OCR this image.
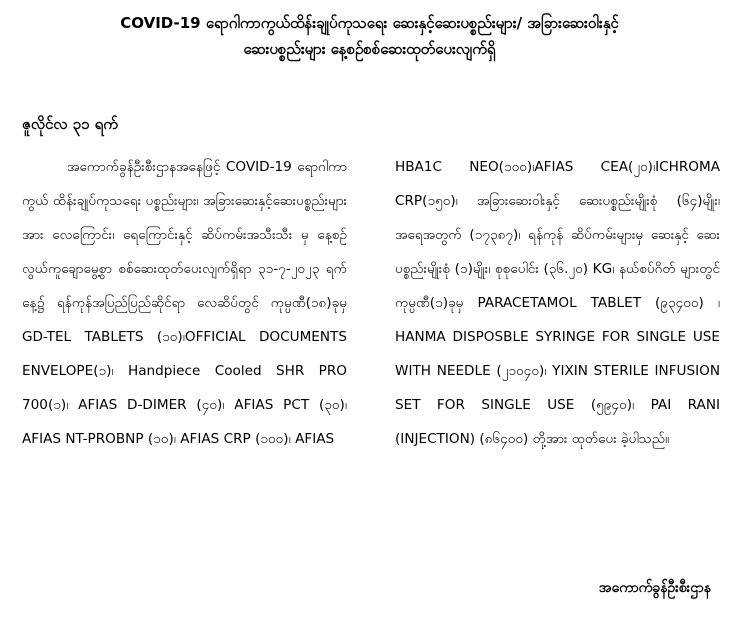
COVID-19 ရောဂါကာကွယ်ထိန်းချုပ်ကုသရေး ဆေးနှင့်ဆေးပစ္စည်းများ/ အခြားဆေးဝါးနှင့်
ဆေးပစ္စည်းများ နေ့စဉ်စစ်ဆေးထုတ်ပေးလျက်ရှိ
ဇူလိုင်လ ၃၁ ရက်
အကောက်ခွန်ဦးစီးဌာနအနေဖြင့် COVID-19 ရောဂါကာကွယ် ထိန်းချုပ်ကုသရေး ပစ္စည်းများ၊ အခြားဆေးနှင့်ဆေးပစ္စည်းများအား လေကြောင်း၊ ရေကြောင်းနှင့် ဆိပ်ကမ်းအသီးသီး မှ နေ့စဉ် လွယ်ကူချောမွေ့စွာ စစ်ဆေးထုတ်ပေးလျက်ရှိရာ ၃၁-၇-၂၀၂၃ ရက်နေ့၌ ရန်ကုန်အပြည်ပြည်ဆိုင်ရာ လေဆိပ်တွင် ကုမ္ပဏီ(၁၈)ခုမှ GD-TEL TABLETS (၁၀)၊OFFICIAL DOCUMENTS ENVELOPE(၁)၊ Handpiece Cooled SHR PRO 700(၁)၊ AFIAS D-DIMER (၄၀)၊ AFIAS PCT (၃၀)၊ AFIAS NT-PROBNP (၁၀)၊ AFIAS CRP (၁၀၀)၊ AFIAS
HBA1C NEO(၁၀၀)၊AFIAS CEA(၂၀)၊ICHROMA CRP(၁၅၀)၊ အခြားဆေးဝါးနှင့် ဆေးပစ္စည်းမျိုးစုံ (၆၄)မျိုး၊ အရေအတွက် (၁၇၃၈၇)၊ ရန်ကုန် ဆိပ်ကမ်းများမှ ဆေးနှင့် ဆေးပစ္စည်းမျိုးစုံ (၁)မျိုး၊ စုစုပေါင်း (၃၆.၂၀) KG၊ နယ်စပ်ဂိတ် များတွင် ကုမ္ပဏီ(၁)ခုမှ PARACETAMOL TABLET (၉၃၄၀၀) ၊ HANMA DISPOSBLE SYRINGE FOR SINGLE USE WITH NEEDLE (၂၁၀၄၀)၊ YIXIN STERILE INFUSION SET FOR SINGLE USE (၅၉၄၀)၊ PAI RANI (INJECTION) (၈၆၄၀၀) တို့အား ထုတ်ပေး ခဲ့ပါသည်။
အကောက်ခွန်ဦးစီးဌာန
